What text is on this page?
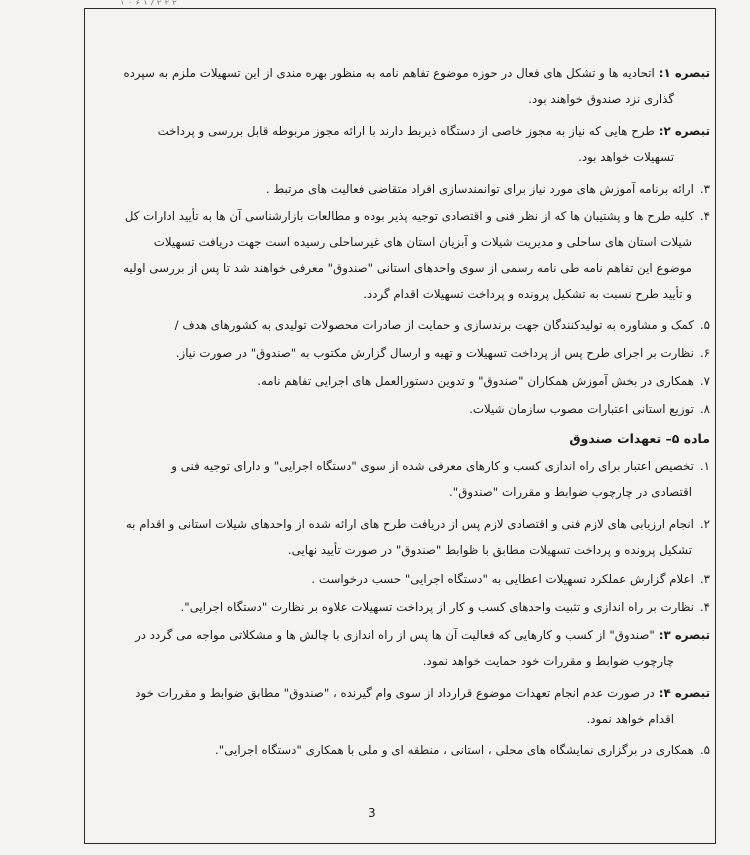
۱ ۰ ۶ ۱ / ۲ ۲ ۲
تبصره ۱:اتحادیه ها و تشکل های فعال در حوزه موضوع تفاهم نامه به منظور بهره مندی از این تسهیلات ملزم به سپرده
گذاری نزد صندوق خواهند بود.
تبصره ۲:طرح هایی که نیاز به مجوز خاصی از دستگاه ذیربط دارند با ارائه مجوز مربوطه قابل بررسی و پرداخت
تسهیلات خواهد بود.
۳.ارائه برنامه آموزش های مورد نیاز برای توانمندسازی افراد متقاضی فعالیت های مرتبط .
۴.کلیه طرح ها و پشتیبان ها که از نظر فنی و اقتصادی توجیه پذیر بوده و مطالعات بازارشناسی آن ها به تأیید ادارات کل
شیلات استان های ساحلی و مدیریت شیلات و آبزیان استان های غیرساحلی رسیده است جهت دریافت تسهیلات
موضوع این تفاهم نامه طی نامه رسمی از سوی واحدهای استانی "صندوق" معرفی خواهند شد تا پس از بررسی اولیه
و تأیید طرح نسبت به تشکیل پرونده و پرداخت تسهیلات اقدام گردد.
۵.کمک و مشاوره به تولیدکنندگان جهت برندسازی و حمایت از صادرات محصولات تولیدی به کشورهای هدف /
۶.نظارت بر اجرای طرح پس از پرداخت تسهیلات و تهیه و ارسال گزارش مکتوب به "صندوق" در صورت نیاز.
۷.همکاری در بخش آموزش همکاران "صندوق" و تدوین دستورالعمل های اجرایی تفاهم نامه.
۸.توزیع استانی اعتبارات مصوب سازمان شیلات.
ماده ۵– تعهدات صندوق
۱.تخصیص اعتبار برای راه اندازی کسب و کارهای معرفی شده از سوی "دستگاه اجرایی" و دارای توجیه فنی و
اقتصادی در چارچوب ضوابط و مقررات "صندوق".
۲.انجام ارزیابی های لازم فنی و اقتصادی لازم پس از دریافت طرح های ارائه شده از واحدهای شیلات استانی و اقدام به
تشکیل پرونده و پرداخت تسهیلات مطابق با ظوابط "صندوق" در صورت تأیید نهایی.
۳.اعلام گزارش عملکرد تسهیلات اعطایی به "دستگاه اجرایی" حسب درخواست .
۴.نظارت بر راه اندازی و تثبیت واحدهای کسب و کار از پرداخت تسهیلات علاوه بر نظارت "دستگاه اجرایی".
تبصره ۳:"صندوق" از کسب و کارهایی که فعالیت آن ها پس از راه اندازی با چالش ها و مشکلاتی مواجه می گردد در
چارچوب ضوابط و مقررات خود حمایت خواهد نمود.
تبصره ۴:در صورت عدم انجام تعهدات موضوع قرارداد از سوی وام گیرنده ، "صندوق" مطابق ضوابط و مقررات خود
اقدام خواهد نمود.
۵.همکاری در برگزاری نمایشگاه های محلی ، استانی ، منطقه ای و ملی با همکاری "دستگاه اجرایی".
3
